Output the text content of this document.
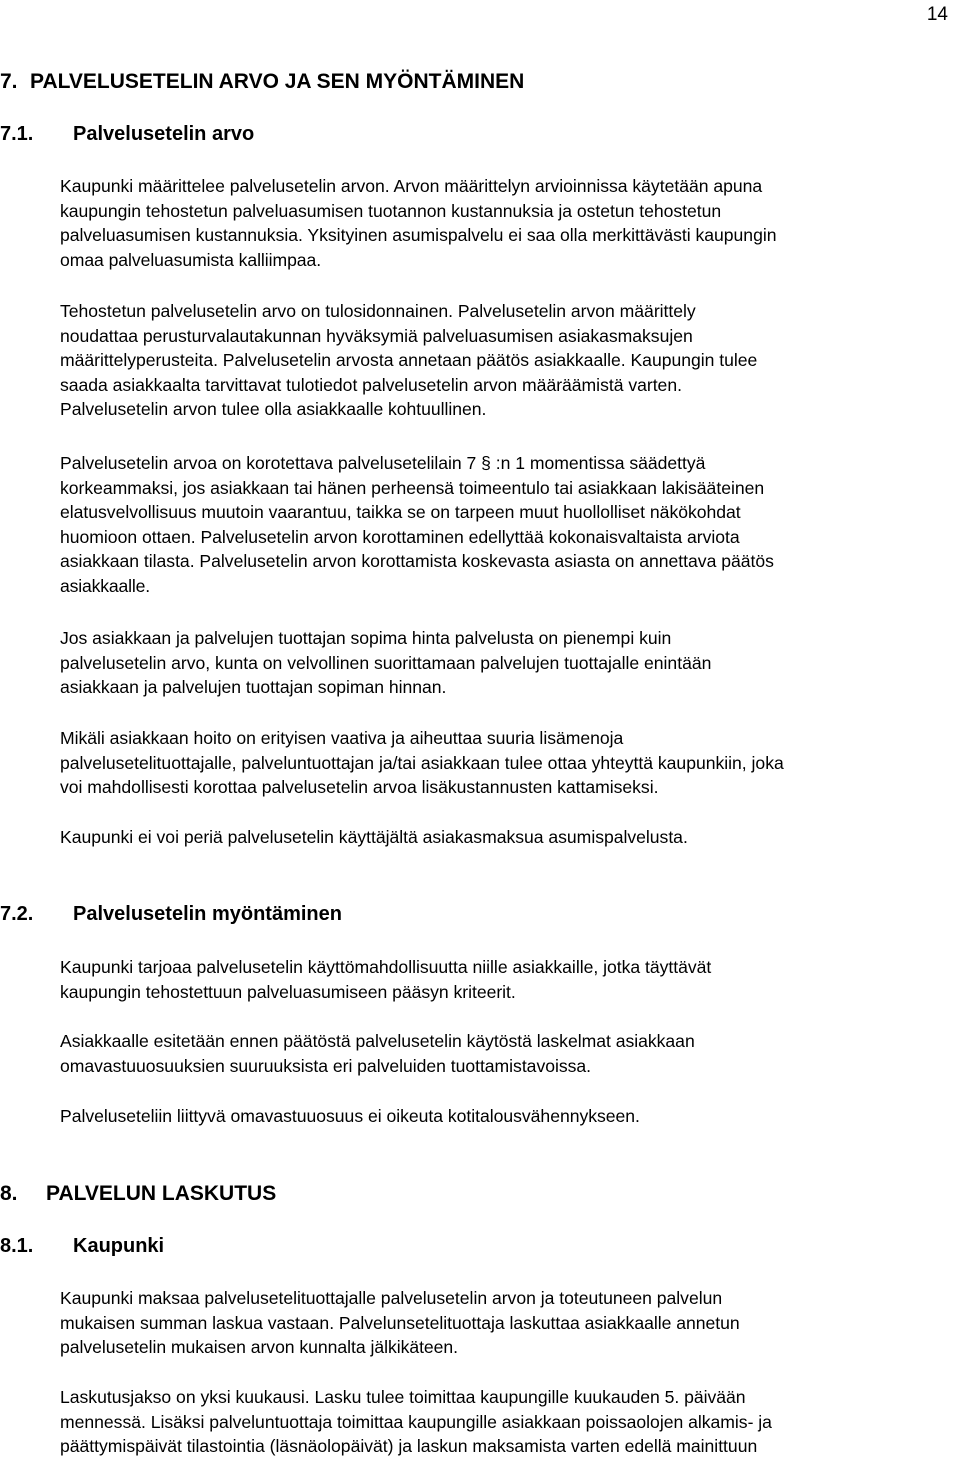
14
7. PALVELUSETELIN ARVO JA SEN MYÖNTÄMINEN
7.1. Palvelusetelin arvo
Kaupunki määrittelee palvelusetelin arvon. Arvon määrittelyn arvioinnissa käytetään apuna
kaupungin tehostetun palveluasumisen tuotannon kustannuksia ja ostetun tehostetun
palveluasumisen kustannuksia. Yksityinen asumispalvelu ei saa olla merkittävästi kaupungin
omaa palveluasumista kalliimpaa.
Tehostetun palvelusetelin arvo on tulosidonnainen. Palvelusetelin arvon määrittely
noudattaa perusturvalautakunnan hyväksymiä palveluasumisen asiakasmaksujen
määrittelyperusteita. Palvelusetelin arvosta annetaan päätös asiakkaalle. Kaupungin tulee
saada asiakkaalta tarvittavat tulotiedot palvelusetelin arvon määräämistä varten.
Palvelusetelin arvon tulee olla asiakkaalle kohtuullinen.
Palvelusetelin arvoa on korotettava palvelusetelilain 7 § :n 1 momentissa säädettyä
korkeammaksi, jos asiakkaan tai hänen perheensä toimeentulo tai asiakkaan lakisääteinen
elatusvelvollisuus muutoin vaarantuu, taikka se on tarpeen muut huollolliset näkökohdat
huomioon ottaen. Palvelusetelin arvon korottaminen edellyttää kokonaisvaltaista arviota
asiakkaan tilasta. Palvelusetelin arvon korottamista koskevasta asiasta on annettava päätös
asiakkaalle.
Jos asiakkaan ja palvelujen tuottajan sopima hinta palvelusta on pienempi kuin
palvelusetelin arvo, kunta on velvollinen suorittamaan palvelujen tuottajalle enintään
asiakkaan ja palvelujen tuottajan sopiman hinnan.
Mikäli asiakkaan hoito on erityisen vaativa ja aiheuttaa suuria lisämenoja
palvelusetelituottajalle, palveluntuottajan ja/tai asiakkaan tulee ottaa yhteyttä kaupunkiin, joka
voi mahdollisesti korottaa palvelusetelin arvoa lisäkustannusten kattamiseksi.
Kaupunki ei voi periä palvelusetelin käyttäjältä asiakasmaksua asumispalvelusta.
7.2. Palvelusetelin myöntäminen
Kaupunki tarjoaa palvelusetelin käyttömahdollisuutta niille asiakkaille, jotka täyttävät
kaupungin tehostettuun palveluasumiseen pääsyn kriteerit.
Asiakkaalle esitetään ennen päätöstä palvelusetelin käytöstä laskelmat asiakkaan
omavastuuosuuksien suuruuksista eri palveluiden tuottamistavoissa.
Palveluseteliin liittyvä omavastuuosuus ei oikeuta kotitalousvähennykseen.
8. PALVELUN LASKUTUS
8.1. Kaupunki
Kaupunki maksaa palvelusetelituottajalle palvelusetelin arvon ja toteutuneen palvelun
mukaisen summan laskua vastaan. Palvelunsetelituottaja laskuttaa asiakkaalle annetun
palvelusetelin mukaisen arvon kunnalta jälkikäteen.
Laskutusjakso on yksi kuukausi. Lasku tulee toimittaa kaupungille kuukauden 5. päivään
mennessä. Lisäksi palveluntuottaja toimittaa kaupungille asiakkaan poissaolojen alkamis- ja
päättymispäivät tilastointia (läsnäolopäivät) ja laskun maksamista varten edellä mainittuun
